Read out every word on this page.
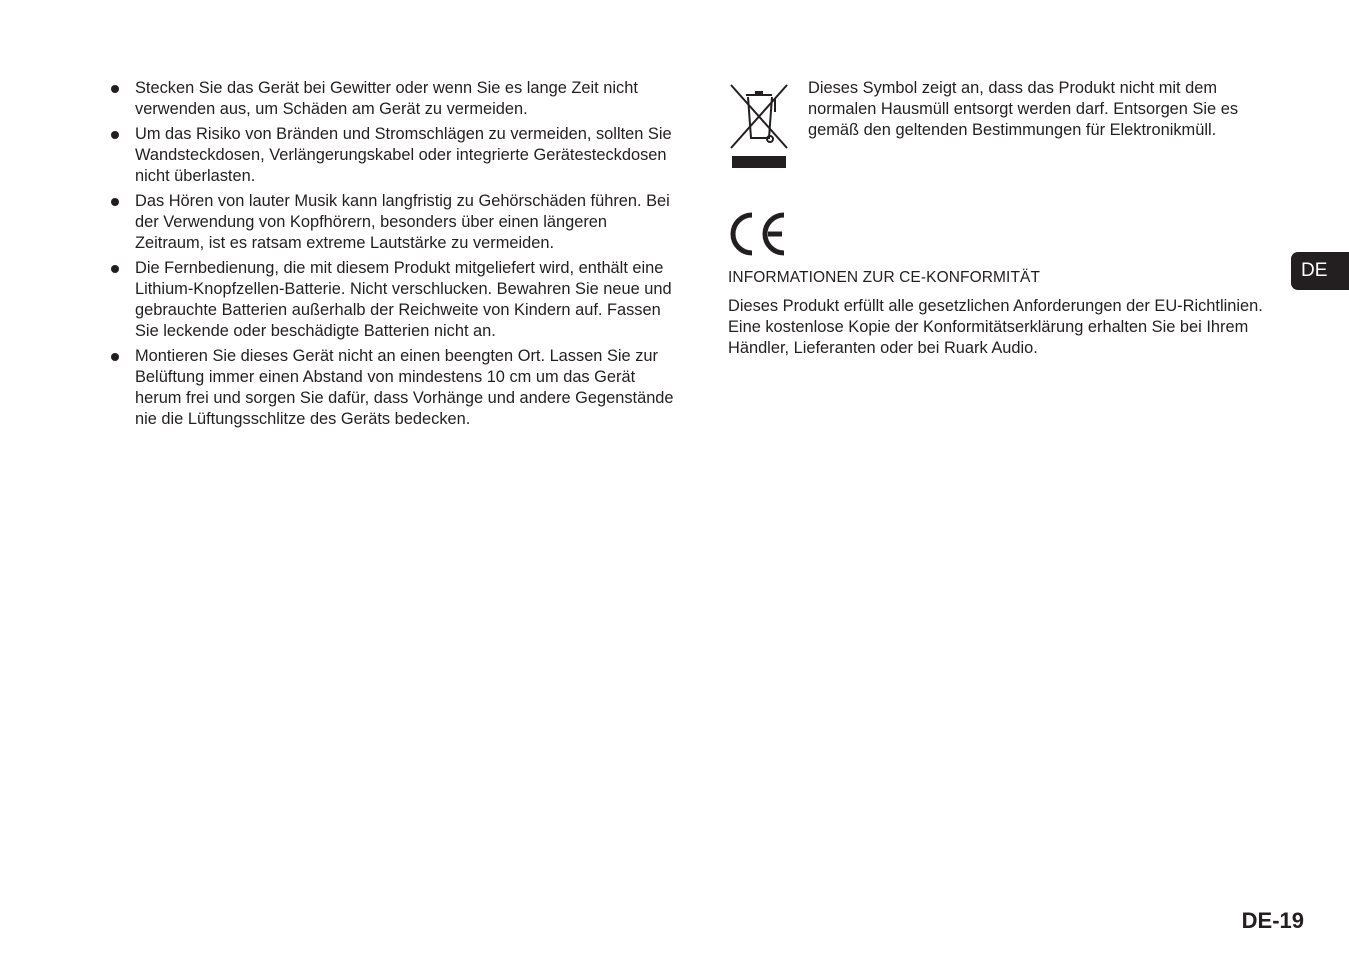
Stecken Sie das Gerät bei Gewitter oder wenn Sie es lange Zeit nicht verwenden aus, um Schäden am Gerät zu vermeiden.
Um das Risiko von Bränden und Stromschlägen zu vermeiden, sollten Sie Wandsteckdosen, Verlängerungskabel oder integrierte Gerätesteckdosen nicht überlasten.
Das Hören von lauter Musik kann langfristig zu Gehörschäden führen. Bei der Verwendung von Kopfhörern, besonders über einen längeren Zeitraum, ist es ratsam extreme Lautstärke zu vermeiden.
Die Fernbedienung, die mit diesem Produkt mitgeliefert wird, enthält eine Lithium-Knopfzellen-Batterie. Nicht verschlucken. Bewahren Sie neue und gebrauchte Batterien außerhalb der Reichweite von Kindern auf. Fassen Sie leckende oder beschädigte Batterien nicht an.
Montieren Sie dieses Gerät nicht an einen beengten Ort. Lassen Sie zur Belüftung immer einen Abstand von mindestens 10 cm um das Gerät herum frei und sorgen Sie dafür, dass Vorhänge und andere Gegenstände nie die Lüftungsschlitze des Geräts bedecken.
Dieses Symbol zeigt an, dass das Produkt nicht mit dem normalen Hausmüll entsorgt werden darf. Entsorgen Sie es gemäß den geltenden Bestimmungen für Elektronikmüll.
INFORMATIONEN ZUR CE-KONFORMITÄT
Dieses Produkt erfüllt alle gesetzlichen Anforderungen der EU-Richtlinien. Eine kostenlose Kopie der Konformitätserklärung erhalten Sie bei Ihrem Händler, Lieferanten oder bei Ruark Audio.
DE
DE-19
